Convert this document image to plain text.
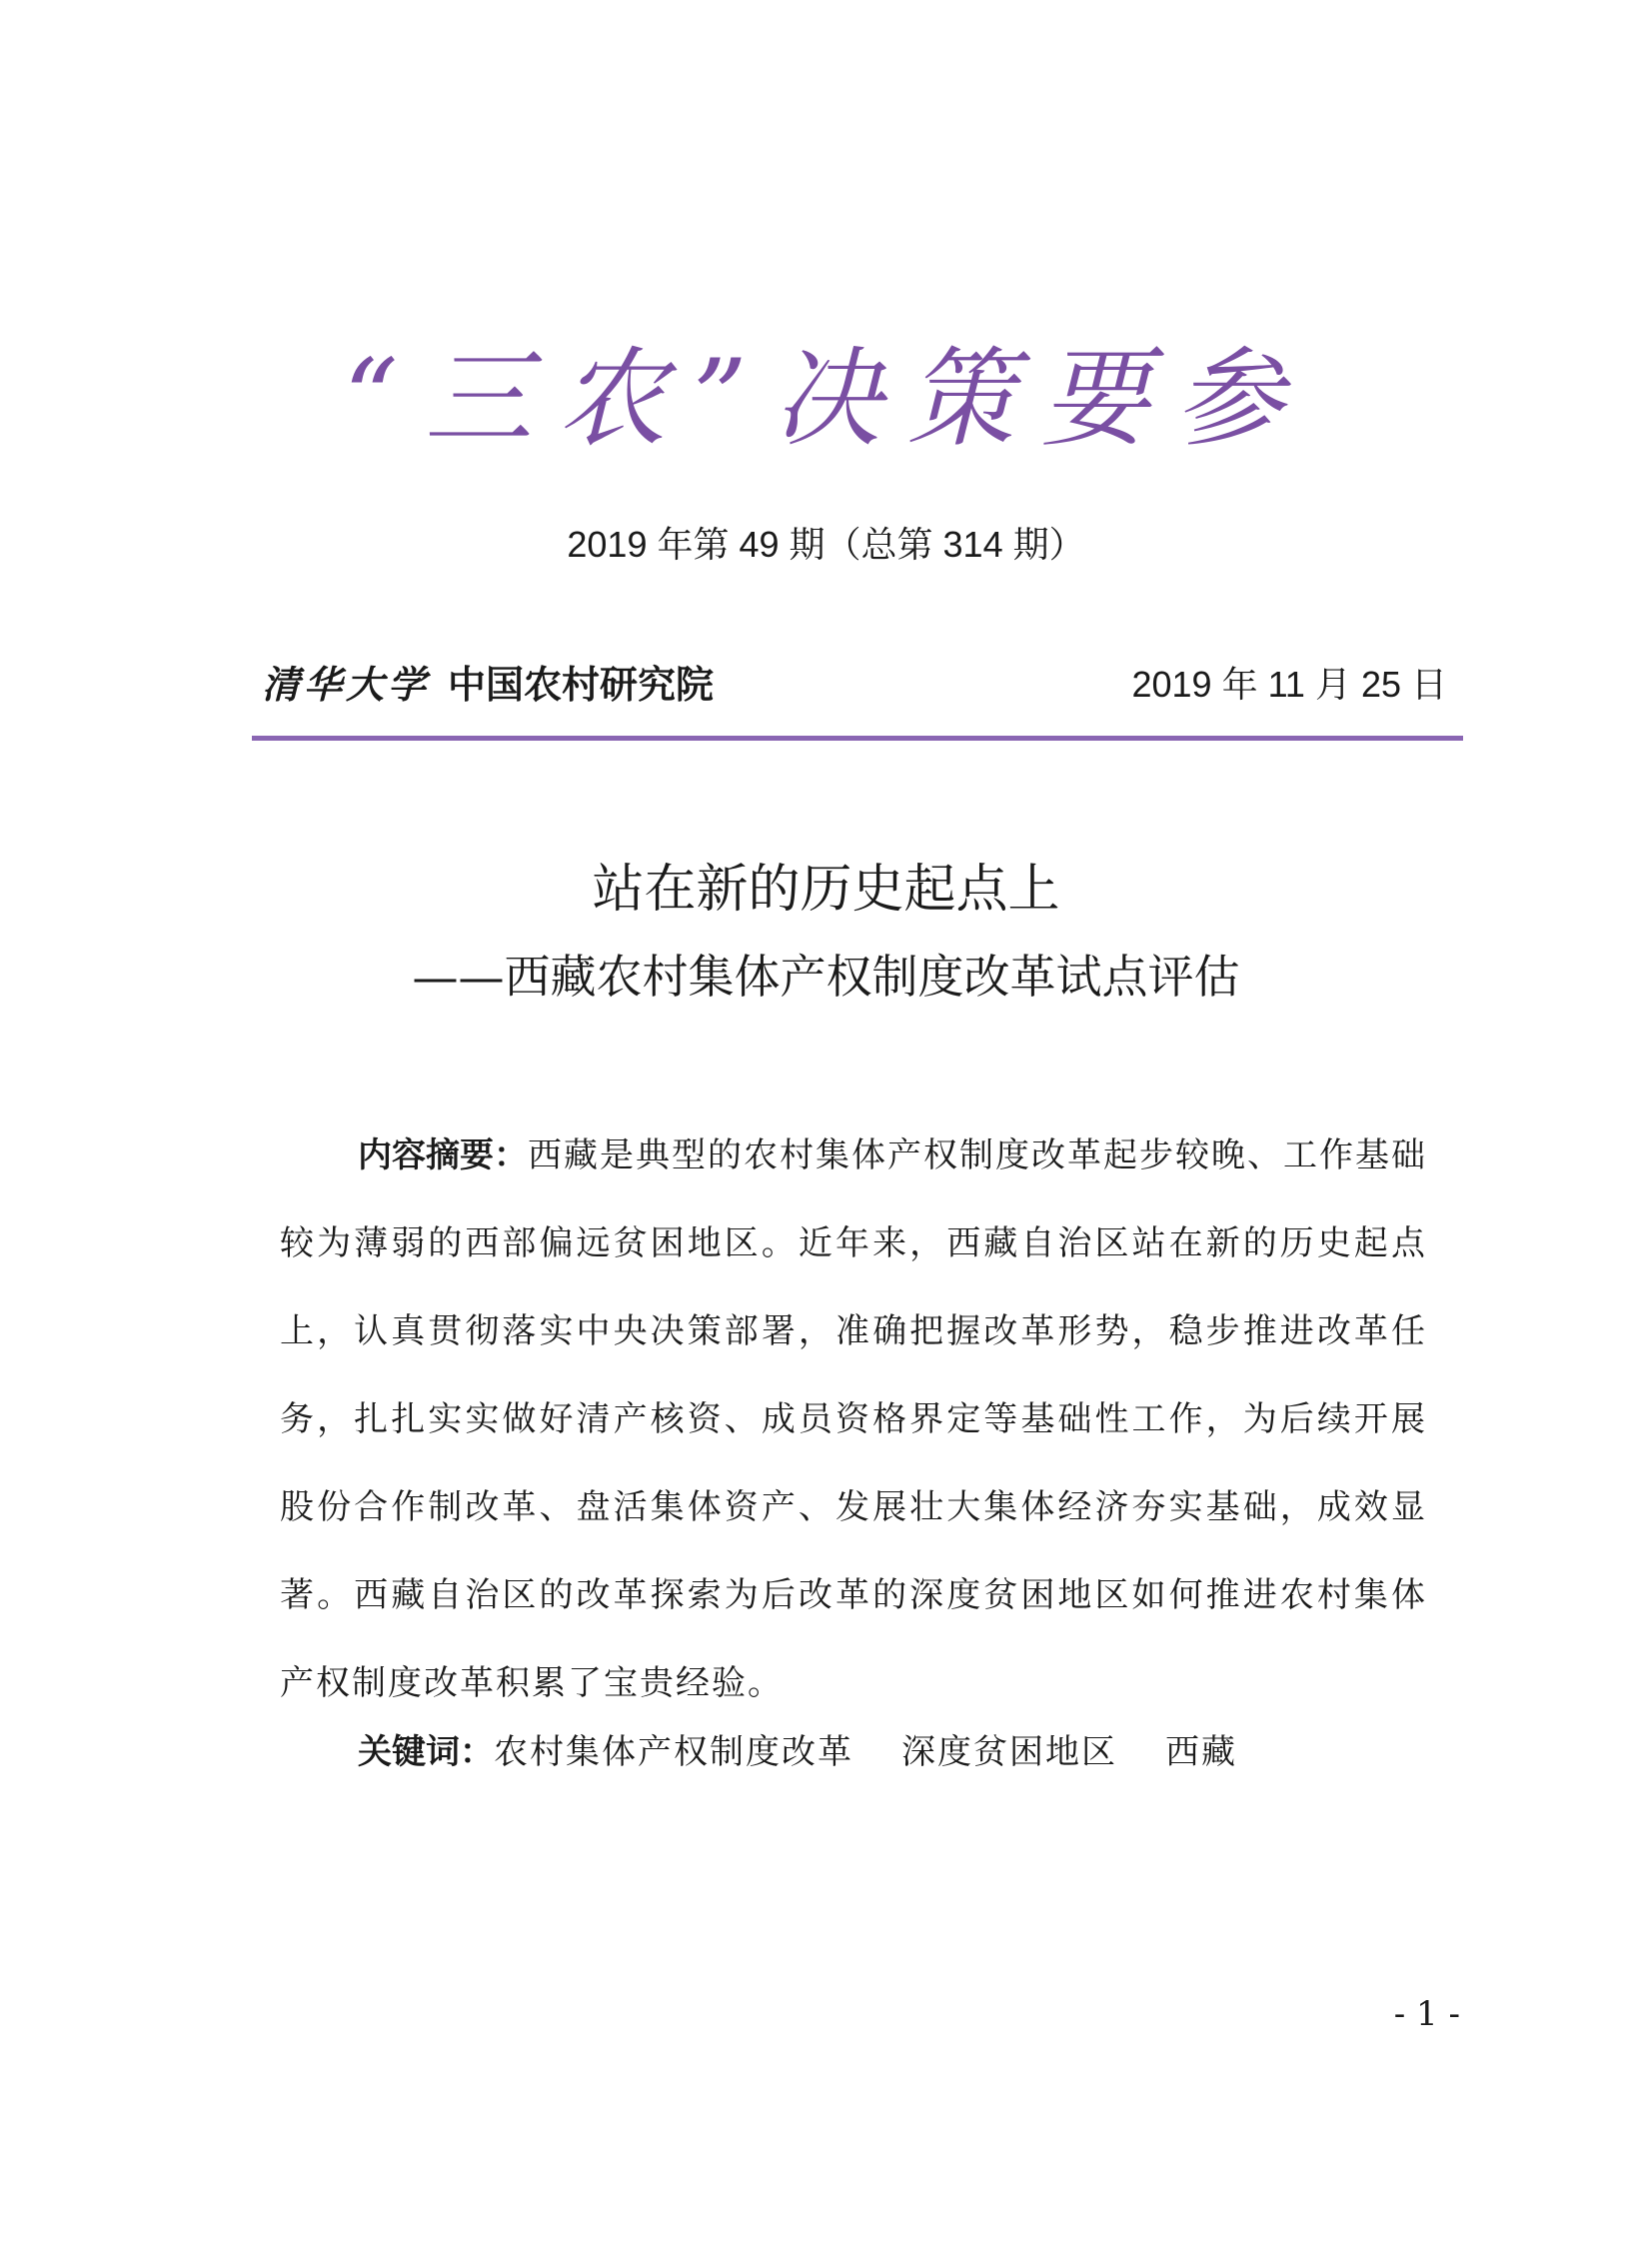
“三农”决策要参
2019 年第 49 期（总第 314 期）
清华大学 中国农村研究院	2019 年 11 月 25 日
站在新的历史起点上
——西藏农村集体产权制度改革试点评估
内容摘要：西藏是典型的农村集体产权制度改革起步较晚、工作基础较为薄弱的西部偏远贫困地区。近年来，西藏自治区站在新的历史起点上，认真贯彻落实中央决策部署，准确把握改革形势，稳步推进改革任务，扎扎实实做好清产核资、成员资格界定等基础性工作，为后续开展股份合作制改革、盘活集体资产、发展壮大集体经济夯实基础，成效显著。西藏自治区的改革探索为后改革的深度贫困地区如何推进农村集体产权制度改革积累了宝贵经验。
关键词：农村集体产权制度改革 深度贫困地区 西藏
- 1 -
